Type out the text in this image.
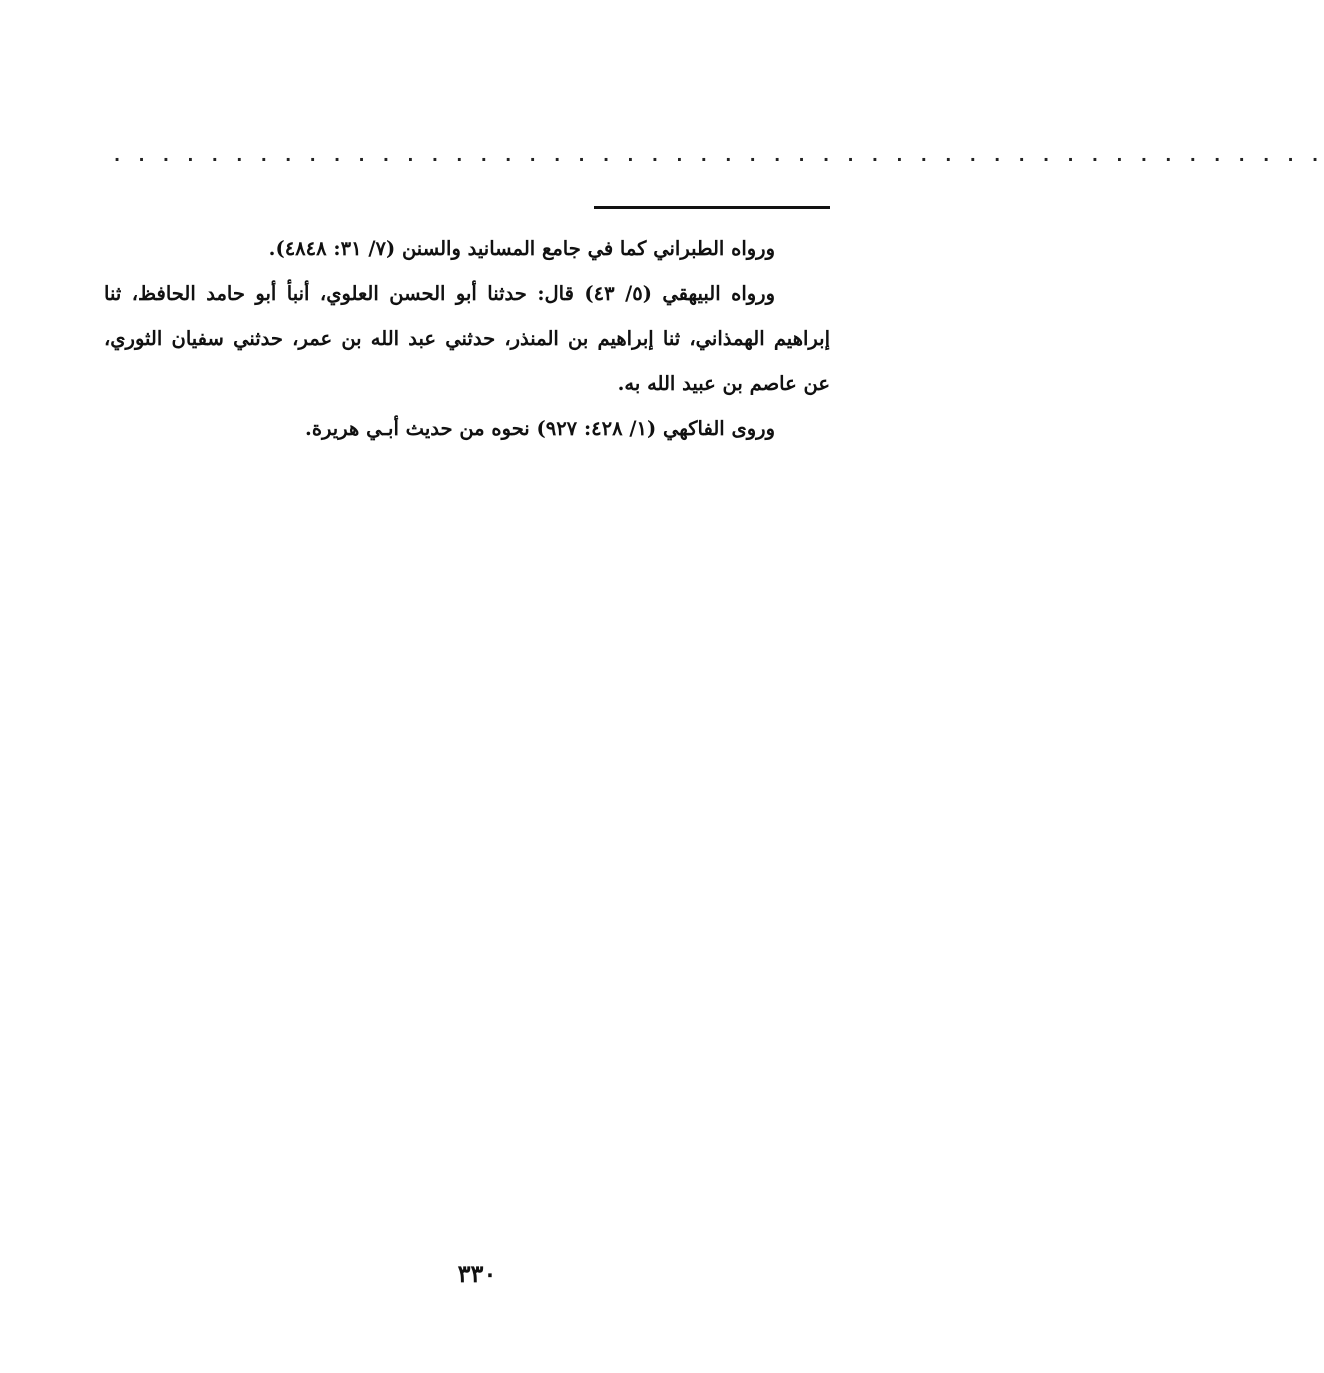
. . . . . . . . . . . . . . . . . . . . . . . . . . . . . . . . . . . . . . . . . . . . . . . . . .

ورواه الطبراني كما في جامع المسانيد والسنن (٧/ ٣١: ٤٨٤٨).

ورواه البيهقي (٥/ ٤٣) قال: حدثنا أبو الحسن العلوي، أنبأ أبو حامد الحافظ، ثنا إبراهيم الهمذاني، ثنا إبراهيم بن المنذر، حدثني عبد الله بن عمر، حدثني سفيان الثوري، عن عاصم بن عبيد الله به.

وروى الفاكهي (١/ ٤٢٨: ٩٢٧) نحوه من حديث أبـي هريرة.

٣٣٠
